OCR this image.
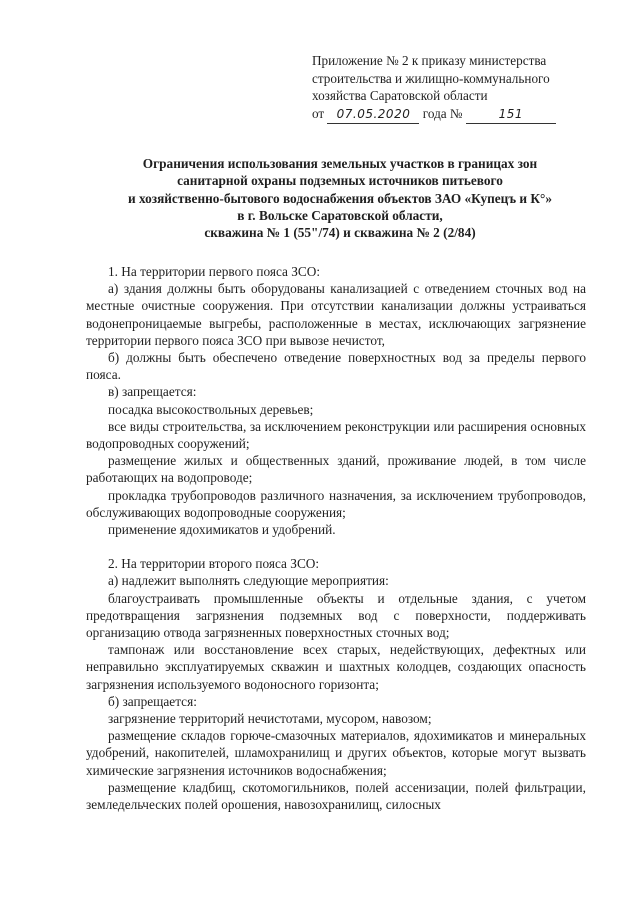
Приложение № 2 к приказу министерства
строительства и жилищно-коммунального
хозяйства Саратовской области
от 07.05.2020 года №	151
Ограничения использования земельных участков в границах зон
санитарной охраны подземных источников питьевого
и хозяйственно-бытового водоснабжения объектов ЗАО «Купецъ и К°»
в г. Вольске Саратовской области,
скважина № 1 (55"/74) и скважина № 2 (2/84)

1. На территории первого пояса ЗСО:

а) здания должны быть оборудованы канализацией с отведением сточных вод на местные очистные сооружения. При отсутствии канализации должны устраиваться водонепроницаемые выгребы, расположенные в местах, исключающих загрязнение территории первого пояса ЗСО при вывозе нечистот,

б) должны быть обеспечено отведение поверхностных вод за пределы первого пояса.

в) запрещается:

посадка высокоствольных деревьев;

все виды строительства, за исключением реконструкции или расширения основных водопроводных сооружений;

размещение жилых и общественных зданий, проживание людей, в том числе работающих на водопроводе;

прокладка трубопроводов различного назначения, за исключением трубопроводов, обслуживающих водопроводные сооружения;

применение ядохимикатов и удобрений.

2. На территории второго пояса ЗСО:

а) надлежит выполнять следующие мероприятия:

благоустраивать промышленные объекты и отдельные здания, с учетом предотвращения загрязнения подземных вод с поверхности, поддерживать организацию отвода загрязненных поверхностных сточных вод;

тампонаж или восстановление всех старых, недействующих, дефектных или неправильно эксплуатируемых скважин и шахтных колодцев, создающих опасность загрязнения используемого водоносного горизонта;

б) запрещается:

загрязнение территорий нечистотами, мусором, навозом;

размещение складов горюче-смазочных материалов, ядохимикатов и минеральных удобрений, накопителей, шламохранилищ и других объектов, которые могут вызвать химические загрязнения источников водоснабжения;

размещение кладбищ, скотомогильников, полей ассенизации, полей фильтрации, земледельческих полей орошения, навозохранилищ, силосных
